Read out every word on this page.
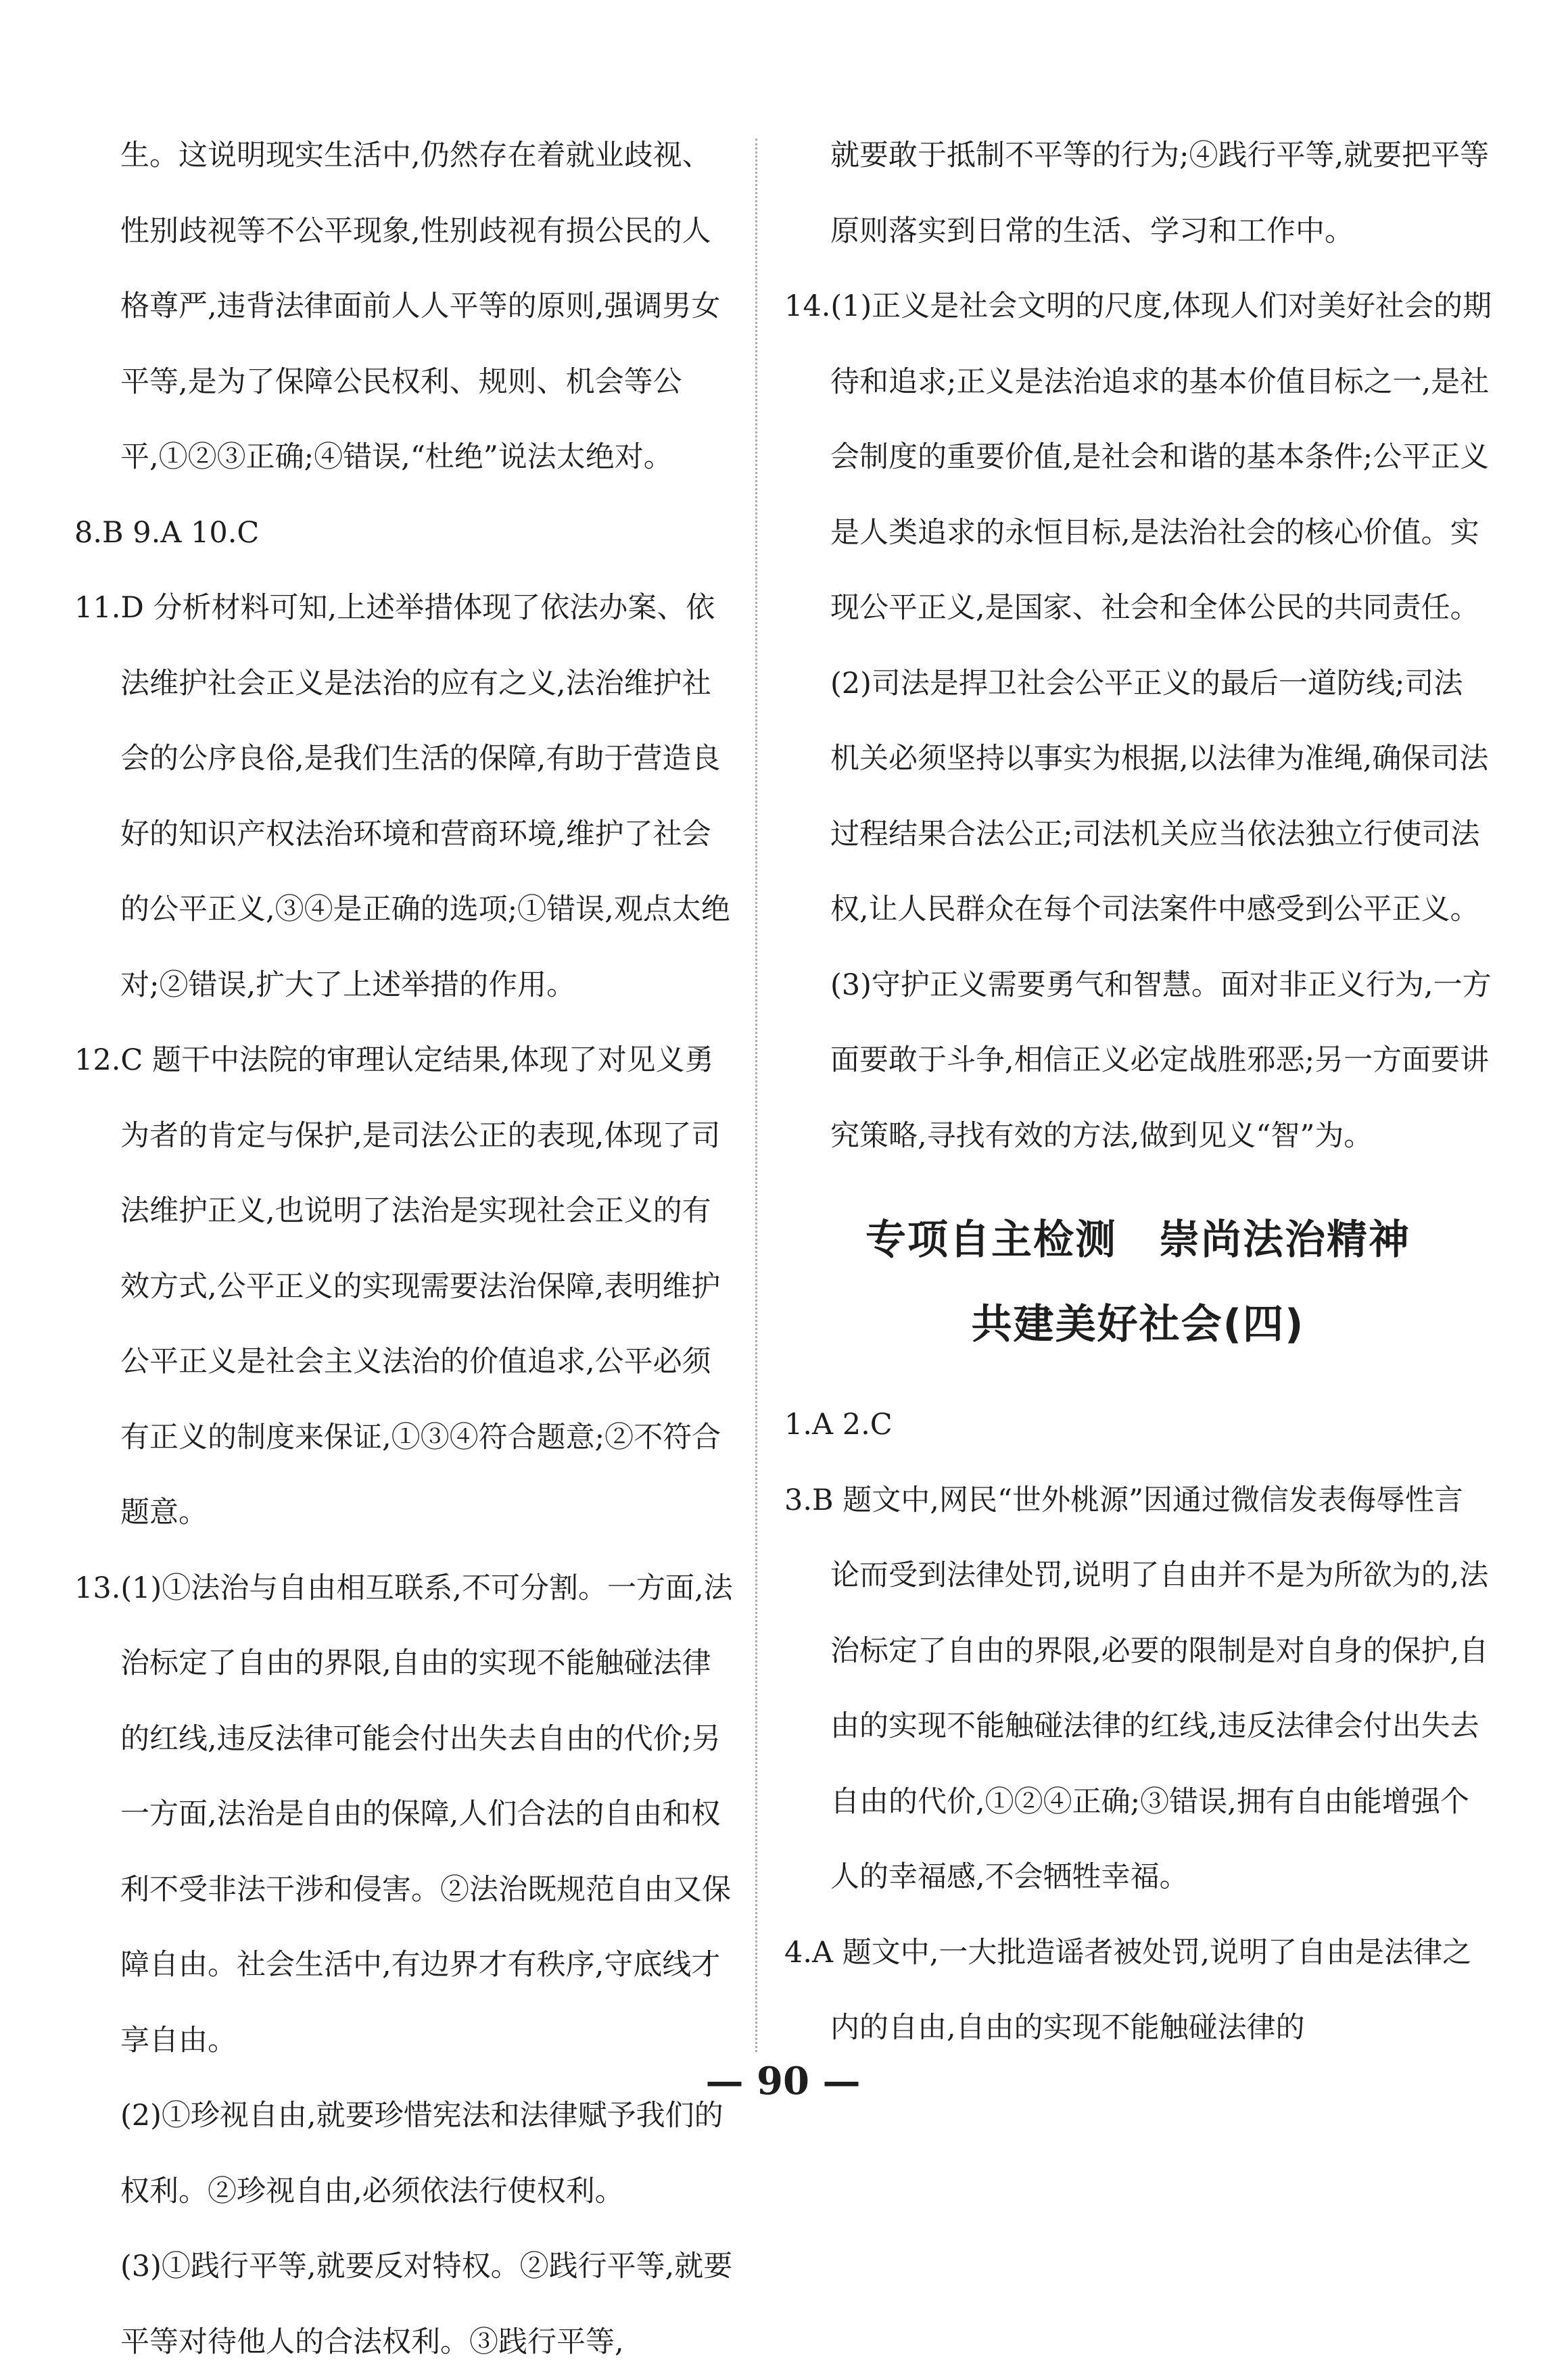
生。这说明现实生活中,仍然存在着就业歧视、性别歧视等不公平现象,性别歧视有损公民的人格尊严,违背法律面前人人平等的原则,强调男女平等,是为了保障公民权利、规则、机会等公平,①②③正确;④错误,“杜绝”说法太绝对。

8.B 9.A 10.C

11.D 分析材料可知,上述举措体现了依法办案、依法维护社会正义是法治的应有之义,法治维护社会的公序良俗,是我们生活的保障,有助于营造良好的知识产权法治环境和营商环境,维护了社会的公平正义,③④是正确的选项;①错误,观点太绝对;②错误,扩大了上述举措的作用。

12.C 题干中法院的审理认定结果,体现了对见义勇为者的肯定与保护,是司法公正的表现,体现了司法维护正义,也说明了法治是实现社会正义的有效方式,公平正义的实现需要法治保障,表明维护公平正义是社会主义法治的价值追求,公平必须有正义的制度来保证,①③④符合题意;②不符合题意。

13.(1)①法治与自由相互联系,不可分割。一方面,法治标定了自由的界限,自由的实现不能触碰法律的红线,违反法律可能会付出失去自由的代价;另一方面,法治是自由的保障,人们合法的自由和权利不受非法干涉和侵害。②法治既规范自由又保障自由。社会生活中,有边界才有秩序,守底线才享自由。

(2)①珍视自由,就要珍惜宪法和法律赋予我们的权利。②珍视自由,必须依法行使权利。

(3)①践行平等,就要反对特权。②践行平等,就要平等对待他人的合法权利。③践行平等,

就要敢于抵制不平等的行为;④践行平等,就要把平等原则落实到日常的生活、学习和工作中。

14.(1)正义是社会文明的尺度,体现人们对美好社会的期待和追求;正义是法治追求的基本价值目标之一,是社会制度的重要价值,是社会和谐的基本条件;公平正义是人类追求的永恒目标,是法治社会的核心价值。实现公平正义,是国家、社会和全体公民的共同责任。

(2)司法是捍卫社会公平正义的最后一道防线;司法机关必须坚持以事实为根据,以法律为准绳,确保司法过程结果合法公正;司法机关应当依法独立行使司法权,让人民群众在每个司法案件中感受到公平正义。

(3)守护正义需要勇气和智慧。面对非正义行为,一方面要敢于斗争,相信正义必定战胜邪恶;另一方面要讲究策略,寻找有效的方法,做到见义“智”为。

专项自主检测　崇尚法治精神
共建美好社会(四)

1.A 2.C

3.B 题文中,网民“世外桃源”因通过微信发表侮辱性言论而受到法律处罚,说明了自由并不是为所欲为的,法治标定了自由的界限,必要的限制是对自身的保护,自由的实现不能触碰法律的红线,违反法律会付出失去自由的代价,①②④正确;③错误,拥有自由能增强个人的幸福感,不会牺牲幸福。

4.A 题文中,一大批造谣者被处罚,说明了自由是法律之内的自由,自由的实现不能触碰法律的

— 90 —
